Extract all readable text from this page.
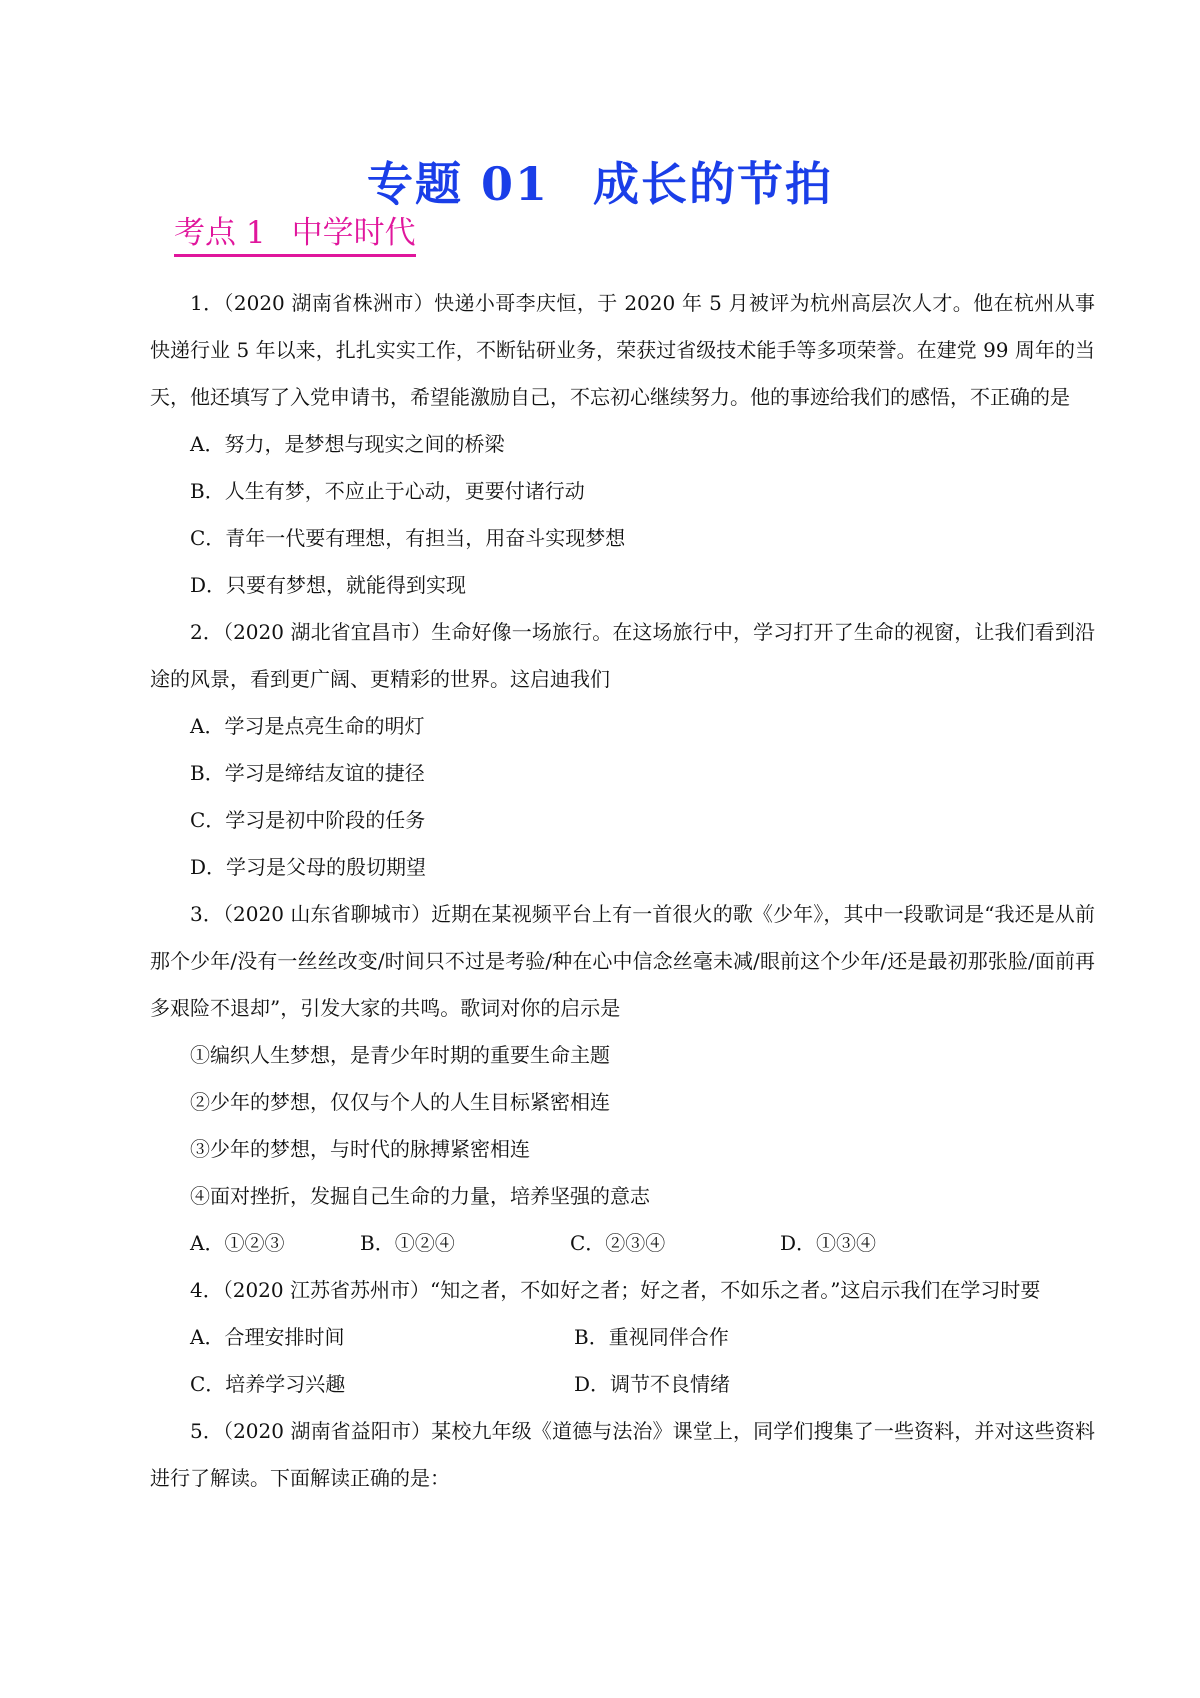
专题 01 成长的节拍
考点 1 中学时代

1．（2020 湖南省株洲市）快递小哥李庆恒，于 2020 年 5 月被评为杭州高层次人才。他在杭州从事快递行业 5 年以来，扎扎实实工作，不断钻研业务，荣获过省级技术能手等多项荣誉。在建党 99 周年的当天，他还填写了入党申请书，希望能激励自己，不忘初心继续努力。他的事迹给我们的感悟，不正确的是

A．努力，是梦想与现实之间的桥梁

B．人生有梦，不应止于心动，更要付诸行动

C．青年一代要有理想，有担当，用奋斗实现梦想

D．只要有梦想，就能得到实现

2．（2020 湖北省宜昌市）生命好像一场旅行。在这场旅行中，学习打开了生命的视窗，让我们看到沿途的风景，看到更广阔、更精彩的世界。这启迪我们

A．学习是点亮生命的明灯

B．学习是缔结友谊的捷径

C．学习是初中阶段的任务

D．学习是父母的殷切期望

3．（2020 山东省聊城市）近期在某视频平台上有一首很火的歌《少年》，其中一段歌词是“我还是从前那个少年/没有一丝丝改变/时间只不过是考验/种在心中信念丝毫未减/眼前这个少年/还是最初那张脸/面前再多艰险不退却”，引发大家的共鸣。歌词对你的启示是

①编织人生梦想，是青少年时期的重要生命主题

②少年的梦想，仅仅与个人的人生目标紧密相连

③少年的梦想，与时代的脉搏紧密相连

④面对挫折，发掘自己生命的力量，培养坚强的意志

A．①②③	B．①②④	C．②③④	D．①③④

4．（2020 江苏省苏州市）“知之者，不如好之者；好之者，不如乐之者。”这启示我们在学习时要

A．合理安排时间	B．重视同伴合作
C．培养学习兴趣	D．调节不良情绪

5．（2020 湖南省益阳市）某校九年级《道德与法治》课堂上，同学们搜集了一些资料，并对这些资料进行了解读。下面解读正确的是：
